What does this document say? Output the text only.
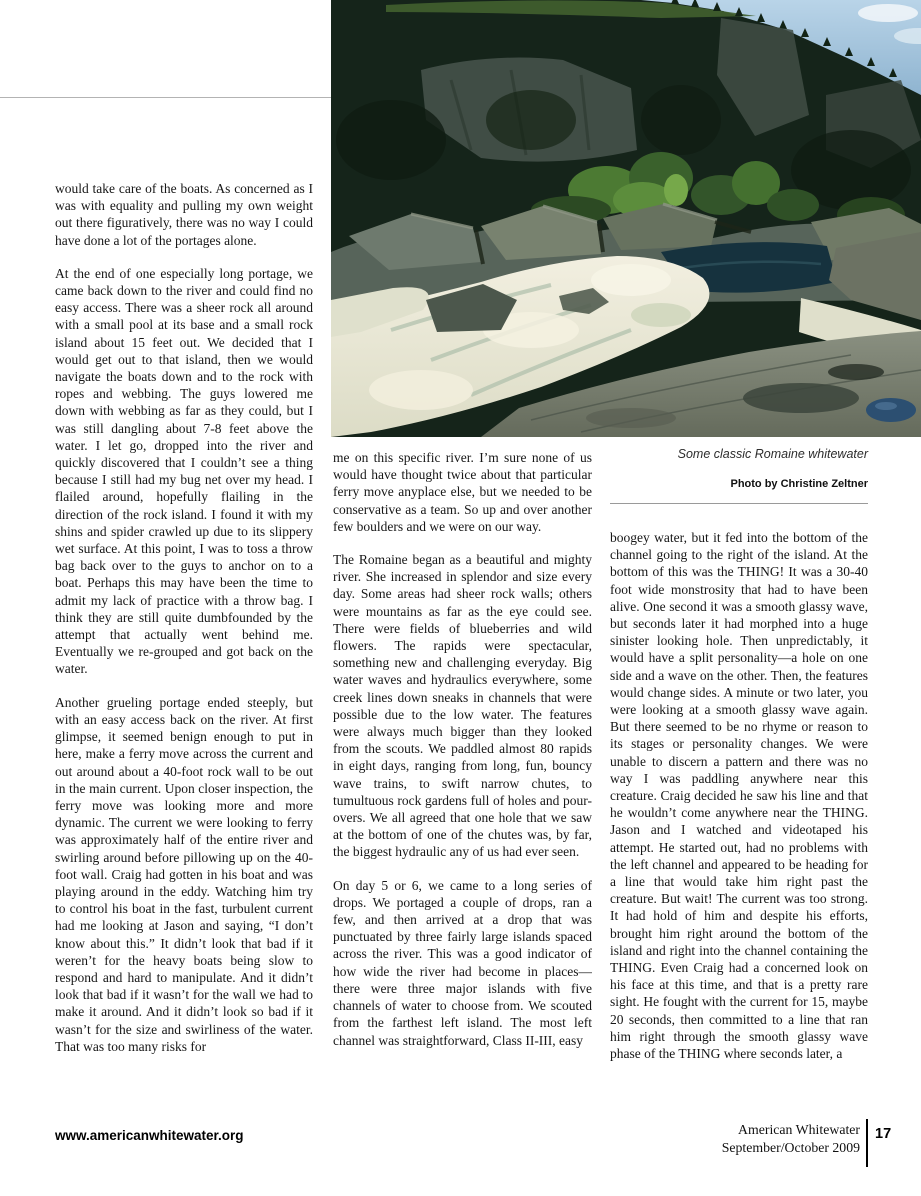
would take care of the boats. As concerned as I was with equality and pulling my own weight out there figuratively, there was no way I could have done a lot of the portages alone.

At the end of one especially long portage, we came back down to the river and could find no easy access. There was a sheer rock all around with a small pool at its base and a small rock island about 15 feet out. We decided that I would get out to that island, then we would navigate the boats down and to the rock with ropes and webbing. The guys lowered me down with webbing as far as they could, but I was still dangling about 7-8 feet above the water. I let go, dropped into the river and quickly discovered that I couldn’t see a thing because I still had my bug net over my head. I flailed around, hopefully flailing in the direction of the rock island. I found it with my shins and spider crawled up due to its slippery wet surface. At this point, I was to toss a throw bag back over to the guys to anchor on to a boat. Perhaps this may have been the time to admit my lack of practice with a throw bag. I think they are still quite dumbfounded by the attempt that actually went behind me. Eventually we re-grouped and got back on the water.

Another grueling portage ended steeply, but with an easy access back on the river. At first glimpse, it seemed benign enough to put in here, make a ferry move across the current and out around about a 40-foot rock wall to be out in the main current. Upon closer inspection, the ferry move was looking more and more dynamic. The current we were looking to ferry was approximately half of the entire river and swirling around before pillowing up on the 40-foot wall. Craig had gotten in his boat and was playing around in the eddy. Watching him try to control his boat in the fast, turbulent current had me looking at Jason and saying, “I don’t know about this.” It didn’t look that bad if it weren’t for the heavy boats being slow to respond and hard to manipulate. And it didn’t look that bad if it wasn’t for the wall we had to make it around. And it didn’t look so bad if it wasn’t for the size and swirliness of the water. That was too many risks for

me on this specific river. I’m sure none of us would have thought twice about that particular ferry move anyplace else, but we needed to be conservative as a team. So up and over another few boulders and we were on our way.

The Romaine began as a beautiful and mighty river. She increased in splendor and size every day. Some areas had sheer rock walls; others were mountains as far as the eye could see. There were fields of blueberries and wild flowers. The rapids were spectacular, something new and challenging everyday. Big water waves and hydraulics everywhere, some creek lines down sneaks in channels that were possible due to the low water. The features were always much bigger than they looked from the scouts. We paddled almost 80 rapids in eight days, ranging from long, fun, bouncy wave trains, to swift narrow chutes, to tumultuous rock gardens full of holes and pour-overs. We all agreed that one hole that we saw at the bottom of one of the chutes was, by far, the biggest hydraulic any of us had ever seen.

On day 5 or 6, we came to a long series of drops. We portaged a couple of drops, ran a few, and then arrived at a drop that was punctuated by three fairly large islands spaced across the river. This was a good indicator of how wide the river had become in places—there were three major islands with five channels of water to choose from. We scouted from the farthest left island. The most left channel was straightforward, Class II-III, easy

Some classic Romaine whitewater
Photo by Christine Zeltner

boogey water, but it fed into the bottom of the channel going to the right of the island. At the bottom of this was the THING! It was a 30-40 foot wide monstrosity that had to have been alive. One second it was a smooth glassy wave, but seconds later it had morphed into a huge sinister looking hole. Then unpredictably, it would have a split personality—a hole on one side and a wave on the other. Then, the features would change sides. A minute or two later, you were looking at a smooth glassy wave again. But there seemed to be no rhyme or reason to its stages or personality changes. We were unable to discern a pattern and there was no way I was paddling anywhere near this creature. Craig decided he saw his line and that he wouldn’t come anywhere near the THING. Jason and I watched and videotaped his attempt. He started out, had no problems with the left channel and appeared to be heading for a line that would take him right past the creature. But wait! The current was too strong. It had hold of him and despite his efforts, brought him right around the bottom of the island and right into the channel containing the THING. Even Craig had a concerned look on his face at this time, and that is a pretty rare sight. He fought with the current for 15, maybe 20 seconds, then committed to a line that ran him right through the smooth glassy wave phase of the THING where seconds later, a

www.americanwhitewater.org	American Whitewater
September/October 2009
17
